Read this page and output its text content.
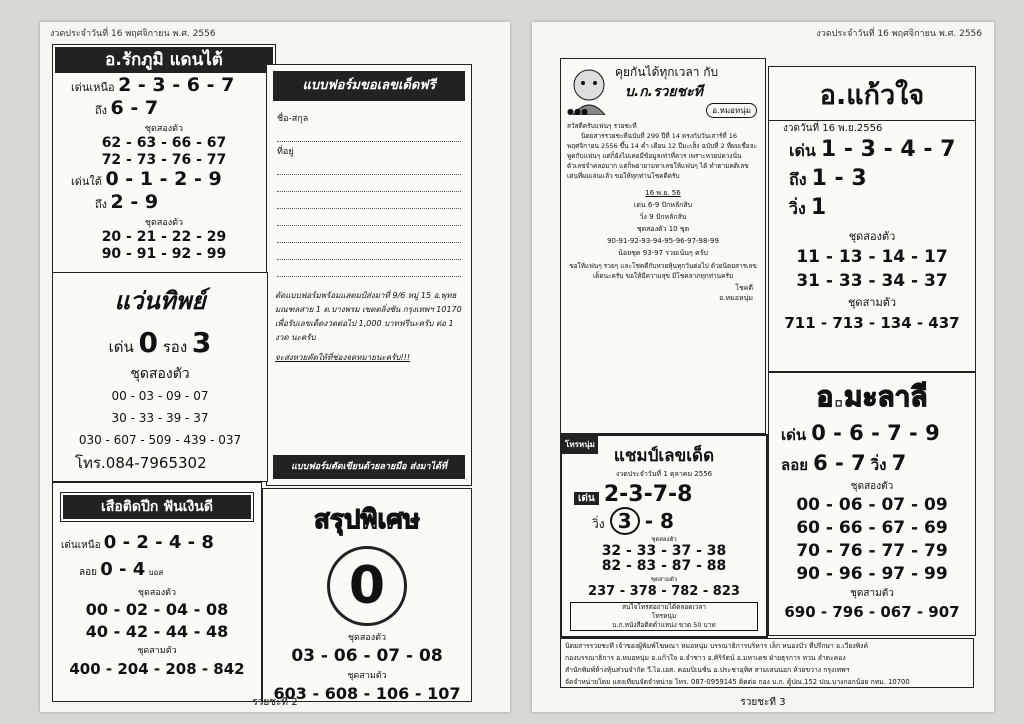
งวดประจำวันที่ 16 พฤศจิกายน พ.ศ. 2556
อ.รักภูมิ แดนไต้
เด่นเหนือ 2 - 3 - 6 - 7
ถึง 6 - 7
ชุดสองตัว
62 - 63 - 66 - 67
72 - 73 - 76 - 77
เด่นใต้ 0 - 1 - 2 - 9
ถึง 2 - 9
ชุดสองตัว
20 - 21 - 22 - 29
90 - 91 - 92 - 99
แบบฟอร์มขอเลขเด็ดฟรี
ชื่อ-สกุล
ที่อยู่
ตัดแบบฟอร์มพร้อมแสตมป์ส่งมาที่ 9/6 หมู่ 15 อ.พุทธมณฑลสาย 1 ต.บางพรม เขตตลิ่งชัน กรุงเทพฯ 10170 เพื่อรับเลขเด็ดงวดต่อไป 1,000 บาทฟรีนะครับ ต่อ 1 งวด นะครับ
จะส่งหวยคัดให้ที่ช่องจดหมายนะครับ!!!
แบบฟอร์มตัดเขียนด้วยลายมือ ส่งมาได้ที่
แว่นทิพย์
เด่น 0 รอง 3
ชุดสองตัว
00 - 03 - 09 - 07
30 - 33 - 39 - 37
030 - 607 - 509 - 439 - 037
โทร.084-7965302
เสือติดปีก ฟันเงินดี
เด่นเหนือ 0 - 2 - 4 - 8
ลอย 0 - 4 บอส
ชุดสองตัว
00 - 02 - 04 - 08
40 - 42 - 44 - 48
ชุดสามตัว
400 - 204 - 208 - 842
สรุปพิเศษ
0
ชุดสองตัว
03 - 06 - 07 - 08
ชุดสามตัว
603 - 608 - 106 - 107
รวยชะที 2
งวดประจำวันที่ 16 พฤศจิกายน พ.ศ. 2556
คุยกันได้ทุกเวลา กับ
บ.ก.รวยชะที
อ.หมอหนุ่ม
●●●
สวัสดีครับแฟนๆ รวยชะที
นิตยสารรวยชะทีฉบับที่ 299 ปีที่ 14 ตรงกับวันเสาร์ที่ 16 พฤศจิกายน 2556 ขึ้น 14 ค่ำ เดือน 12 ปีมะเส็ง ฉบับที่ 2 ที่ผมเชื่อจะพูดกับแฟนๆ แต่ก็ยังไม่เคยมีข้อมูลเท่าที่ควร เพราะหวยบ่ดวงนั่นตัวเลขจำคลอมาก แต่ก็พยายามหาเลขให้แฟนๆ ได้ ทำตามคติเลขเด่นที่ผมเล่นแล้ว ขอให้ทุกท่านโชคดีครับ
16 พ.ย. 56
เด่น 6-9 ปักหลักสิบ
วิ่ง 9 ปักหลักสิบ
ชุดสองตัว 10 ชุด
90-91-92-93-94-95-96-97-98-99
น้อยชุด 93-97 รวยเน้นๆ ครับ
ขอให้แฟนๆ รวยๆ และโชคดีกับหวยหุ้นทุกวันต่อไป ด้วยนิตยสารเลขเด็ดนะครับ ขอให้มีความสุข มีโชคลาภทุกท่านครับ
โชคดี
อ.หมอหนุ่ม
โทรหนุ่ม
แชมป์เลขเด็ด
งวดประจำวันที่ 1 ตุลาคม 2556
เด่น 2-3-7-8
วิ่ง 3 - 8
ชุดสองตัว
32 - 33 - 37 - 38
82 - 83 - 87 - 88
ชุดสามตัว
237 - 378 - 782 - 823
สนใจโทรต่อถามได้ตลอดเวลา
โทรหนุ่ม
บ.ก.หนังสือติดตำแหน่ง ขาด 50 บาท
อ.แก้วใจ
งวดวันที่ 16 พ.ย.2556
เด่น 1 - 3 - 4 - 7
ถึง 1 - 3
วิ่ง 1
ชุดสองตัว
11 - 13 - 14 - 17
31 - 33 - 34 - 37
ชุดสามตัว
711 - 713 - 134 - 437
อ.มะลาลี
เด่น 0 - 6 - 7 - 9
ลอย 6 - 7 วิ่ง 7
ชุดสองตัว
00 - 06 - 07 - 09
60 - 66 - 67 - 69
70 - 76 - 77 - 79
90 - 96 - 97 - 99
ชุดสามตัว
690 - 796 - 067 - 907
นิตยสารรวยชะที เจ้าของผู้พิมพ์โฆษณา หมอหนุ่ม บรรณาธิการบริหาร เล็ก หนองบัว ที่ปรึกษา อ.เวียงพิงค์
กองบรรณาธิการ อ.หมอหนุ่ม อ.แก้วใจ อ.จำชาว อ.ศิริรัตน์ อ.มหาเดช ฝ่ายธุรการ ทวน ลำตะคอง
สำนักพิมพ์ห้างหุ้นส่วนจำกัด วี.ไอ.เอส. คอมบิเนชั่น อ.ประชาอุทิศ สามเสนนอก ห้วยขวาง กรุงเทพฯ
จัดจำหน่ายโดย แสงเทียนจัดจำหน่าย โทร. 087-0959145 ติดต่อ กอง บ.ก. ตู้ปณ.152 ปณ.บางกอกน้อย กทม. 10700
รวยชะที 3
